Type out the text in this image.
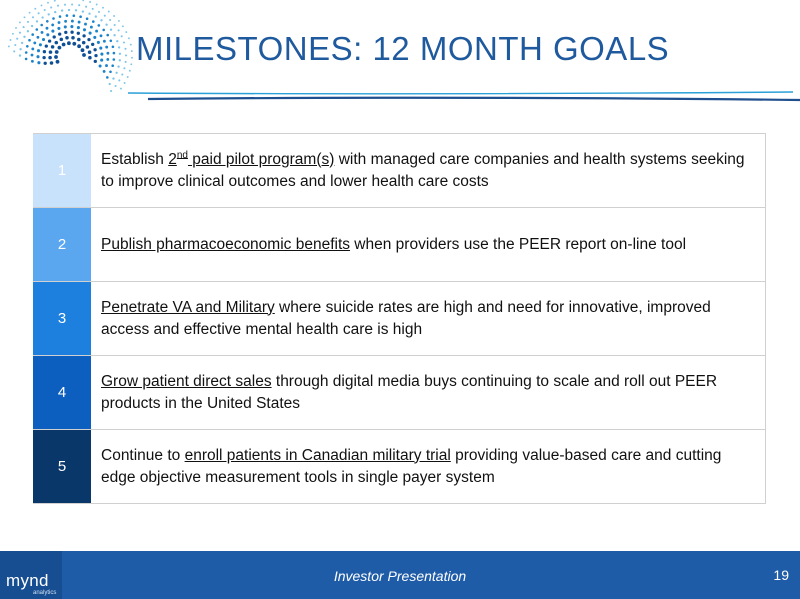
MILESTONES: 12 MONTH GOALS
1

Establish 2nd paid pilot program(s) with managed care companies and health systems seeking to improve clinical outcomes and lower health care costs

2	Publish pharmacoeconomic benefits when providers use the PEER report on-line tool

3

Penetrate VA and Military where suicide rates are high and need for innovative, improved access and effective mental health care is high

4

Grow patient direct sales through digital media buys continuing to scale and roll out PEER products in the United States

5

Continue to enroll patients in Canadian military trial providing value-based care and cutting edge objective measurement tools in single payer system

mynd
analytics
Investor Presentation	19
